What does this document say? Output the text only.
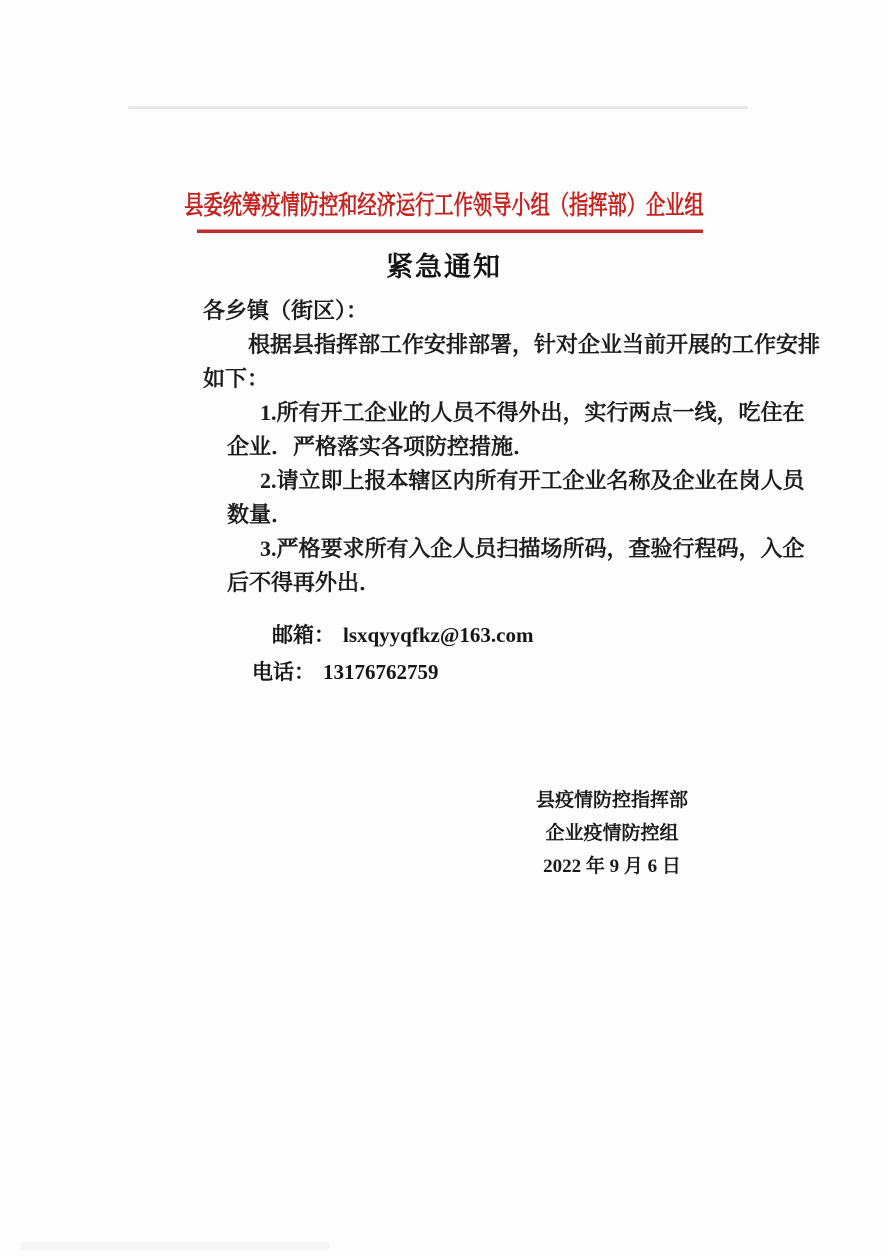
县委统筹疫情防控和经济运行工作领导小组（指挥部）企业组
紧急通知
各乡镇（街区）：
根据县指挥部工作安排部署，针对企业当前开展的工作安排
如下：
1.所有开工企业的人员不得外出，实行两点一线，吃住在
企业．严格落实各项防控措施．
2.请立即上报本辖区内所有开工企业名称及企业在岗人员
数量．
3.严格要求所有入企人员扫描场所码，查验行程码，入企
后不得再外出．
邮箱： lsxqyyqfkz@163.com
电话： 13176762759
县疫情防控指挥部
企业疫情防控组
2022 年 9 月 6 日
